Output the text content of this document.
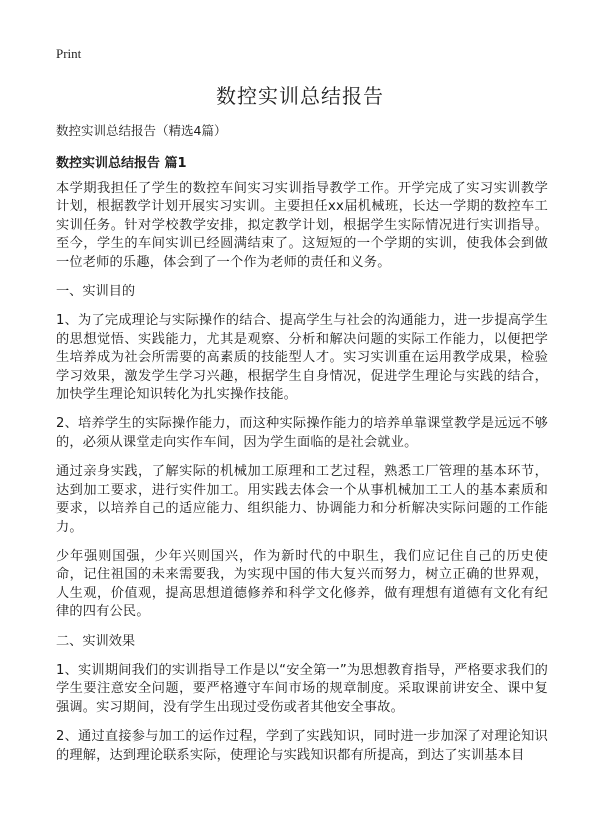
Print
数控实训总结报告

数控实训总结报告（精选4篇）

数控实训总结报告 篇1

本学期我担任了学生的数控车间实习实训指导教学工作。开学完成了实习实训教学计划，根据教学计划开展实习实训。主要担任xx届机械班，长达一学期的数控车工实训任务。针对学校教学安排，拟定教学计划，根据学生实际情况进行实训指导。至今，学生的车间实训已经圆满结束了。这短短的一个学期的实训，使我体会到做一位老师的乐趣，体会到了一个作为老师的责任和义务。

一、实训目的

1、为了完成理论与实际操作的结合、提高学生与社会的沟通能力，进一步提高学生的思想觉悟、实践能力，尤其是观察、分析和解决问题的实际工作能力，以便把学生培养成为社会所需要的高素质的技能型人才。实习实训重在运用教学成果，检验学习效果，激发学生学习兴趣，根据学生自身情况，促进学生理论与实践的结合，加快学生理论知识转化为扎实操作技能。

2、培养学生的实际操作能力，而这种实际操作能力的培养单靠课堂教学是远远不够的，必须从课堂走向实作车间，因为学生面临的是社会就业。

通过亲身实践，了解实际的机械加工原理和工艺过程，熟悉工厂管理的基本环节，达到加工要求，进行实件加工。用实践去体会一个从事机械加工工人的基本素质和要求，以培养自己的适应能力、组织能力、协调能力和分析解决实际问题的工作能力。

少年强则国强，少年兴则国兴，作为新时代的中职生，我们应记住自己的历史使命，记住祖国的未来需要我，为实现中国的伟大复兴而努力，树立正确的世界观，人生观，价值观，提高思想道德修养和科学文化修养，做有理想有道德有文化有纪律的四有公民。

二、实训效果

1、实训期间我们的实训指导工作是以“安全第一”为思想教育指导，严格要求我们的学生要注意安全问题，要严格遵守车间市场的规章制度。采取课前讲安全、课中复强调。实习期间，没有学生出现过受伤或者其他安全事故。

2、通过直接参与加工的运作过程，学到了实践知识，同时进一步加深了对理论知识的理解，达到理论联系实际，使理论与实践知识都有所提高，到达了实训基本目
